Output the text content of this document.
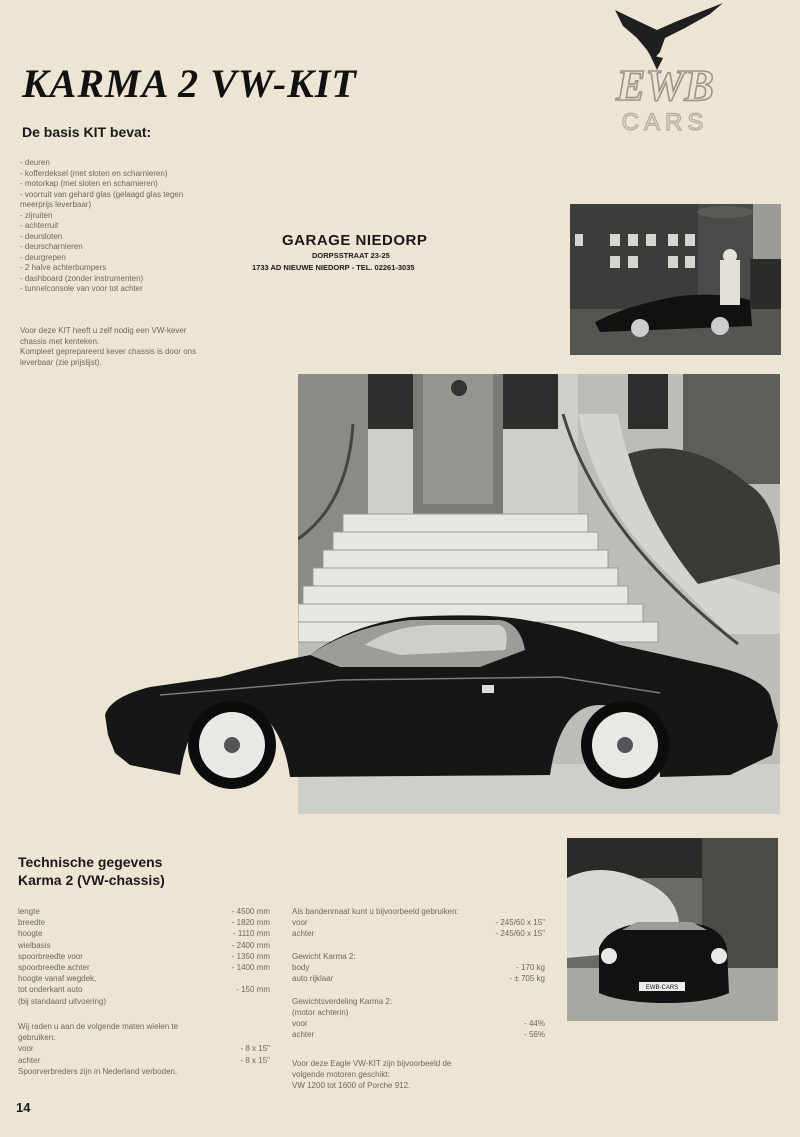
KARMA 2 VW-KIT	EWB
CARS
De basis KIT bevat:
- deuren
- kofferdeksel (met sloten en scharnieren)
- motorkap (met sloten en scharnieren)
- voorruit van gehard glas (gelaagd glas tegen
meerprijs leverbaar)
- zijruiten
- achterruit
- deursloten
- deurscharnieren
- deurgrepen
- 2 halve achterbumpers
- dashboard (zonder instrumenten)
- tunnelconsole van voor tot achter
Voor deze KIT heeft u zelf nodig een VW-kever
chassis met kenteken.
Kompleet geprepareerd kever chassis is door ons
leverbaar (zie prijslijst).
GARAGE NIEDORP
DORPSSTRAAT 23-25
1733 AD NIEUWE NIEDORP - TEL. 02261-3035
EWB-CARS
Technische gegevens
Karma 2 (VW-chassis)
lengte	- 4500 mm
breedte	- 1820 mm
hoogte	- 1110 mm
wielbasis	- 2400 mm
spoorbreedte voor	- 1350 mm
spoorbreedte achter	- 1400 mm
hoogte vanaf wegdek,
tot onderkant auto	- 150 mm
(bij standaard uitvoering)
Wij raden u aan de volgende maten wielen te
gebruiken:
voor	- 8 x 15"
achter	- 8 x 15"
Spoorverbreders zijn in Nederland verboden.
Als bandenmaat kunt u bijvoorbeeld gebruiken:
voor	- 245/60 x 15"
achter	- 245/60 x 15"
Gewicht Karma 2:
body	- 170 kg
auto rijklaar	- ± 705 kg
Gewichtsverdeling Karma 2:
(motor achterin)
voor	- 44%
achter	- 56%
Voor deze Eagle VW-KIT zijn bijvoorbeeld de
volgende motoren geschikt:
VW 1200 tot 1600 of Porche 912.
14
